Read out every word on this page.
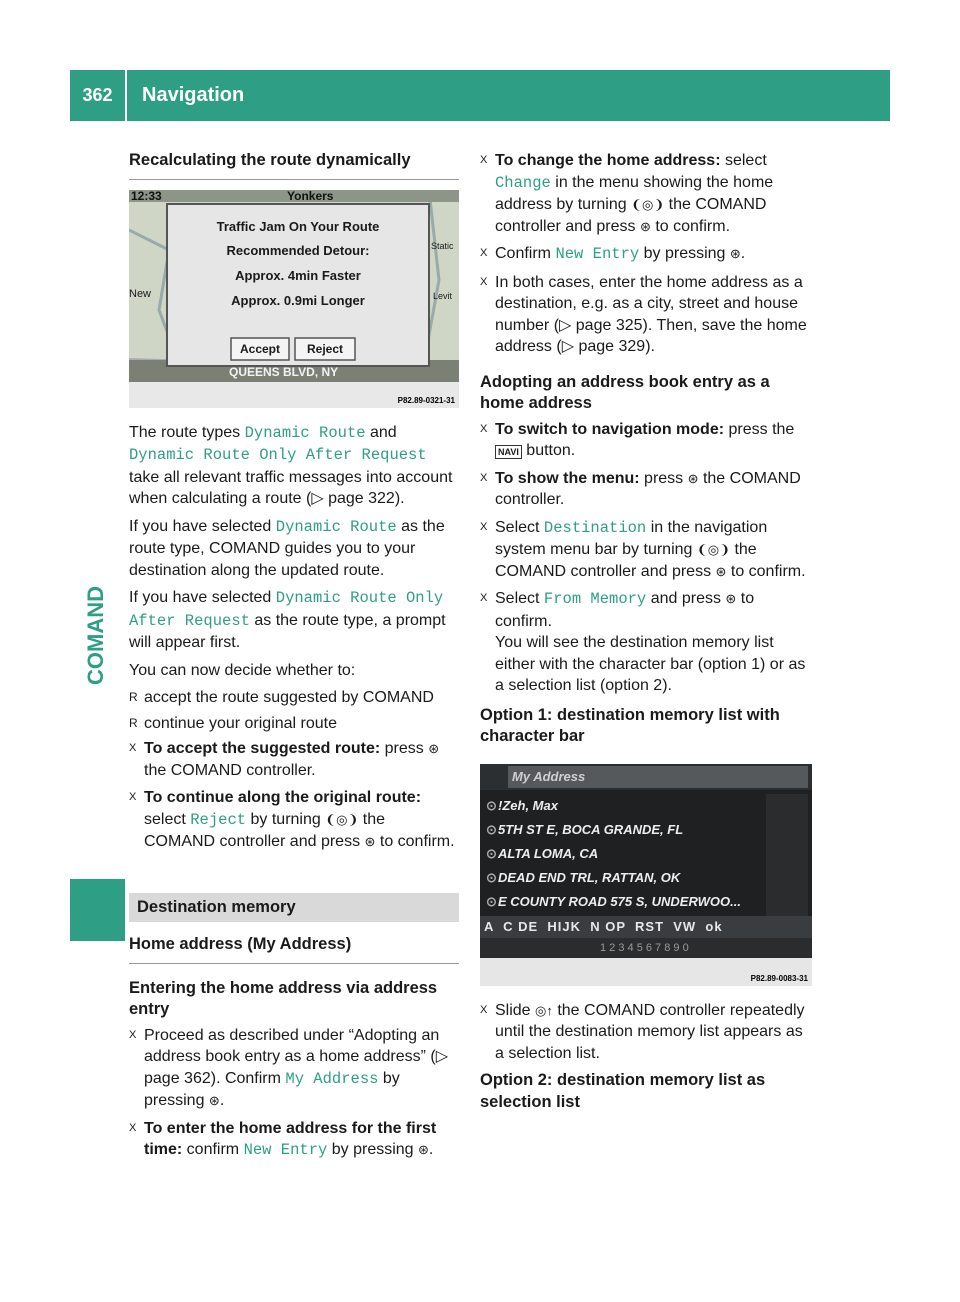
362	Navigation
COMAND
Recalculating the route dynamically
12:33	Yonkers
New
Static
Levit
Traffic Jam On Your Route
Recommended Detour:
Approx. 4min Faster
Approx. 0.9mi Longer
Accept	Reject
QUEENS BLVD, NY
P82.89-0321-31

The route types Dynamic Route and Dynamic Route Only After Request take all relevant traffic messages into account when calculating a route (▷ page 322).

If you have selected Dynamic Route as the route type, COMAND guides you to your destination along the updated route.

If you have selected Dynamic Route Only After Request as the route type, a prompt will appear first.

You can now decide whether to:

R accept the route suggested by COMAND
R continue your original route
X To accept the suggested route: press ⊛ the COMAND controller.
X To continue along the original route: select Reject by turning ❨◎❩ the COMAND controller and press ⊛ to confirm.
Destination memory
Home address (My Address)
Entering the home address via address entry
X Proceed as described under “Adopting an address book entry as a home address” (▷ page 362). Confirm My Address by pressing ⊛.
X To enter the home address for the first time: confirm New Entry by pressing ⊛.
X To change the home address: select Change in the menu showing the home address by turning ❨◎❩ the COMAND controller and press ⊛ to confirm.
X Confirm New Entry by pressing ⊛.
X In both cases, enter the home address as a destination, e.g. as a city, street and house number (▷ page 325). Then, save the home address (▷ page 329).
Adopting an address book entry as a home address
X To switch to navigation mode: press the NAVI button.
X To show the menu: press ⊛ the COMAND controller.
X Select Destination in the navigation system menu bar by turning ❨◎❩ the COMAND controller and press ⊛ to confirm.
X Select From Memory and press ⊛ to confirm.
You will see the destination memory list either with the character bar (option 1) or as a selection list (option 2).
Option 1: destination memory list with character bar
My Address
⊙!Zeh, Max
⊙5TH ST E, BOCA GRANDE, FL
⊙ALTA LOMA, CA
⊙DEAD END TRL, RATTAN, OK
⊙E COUNTY ROAD 575 S, UNDERWOO...
A  C DE  HIJK  N OP  RST  VW  ok
1 2 3 4 5 6 7 8 9 0
P82.89-0083-31
X Slide ◎↑ the COMAND controller repeatedly until the destination memory list appears as a selection list.
Option 2: destination memory list as selection list
